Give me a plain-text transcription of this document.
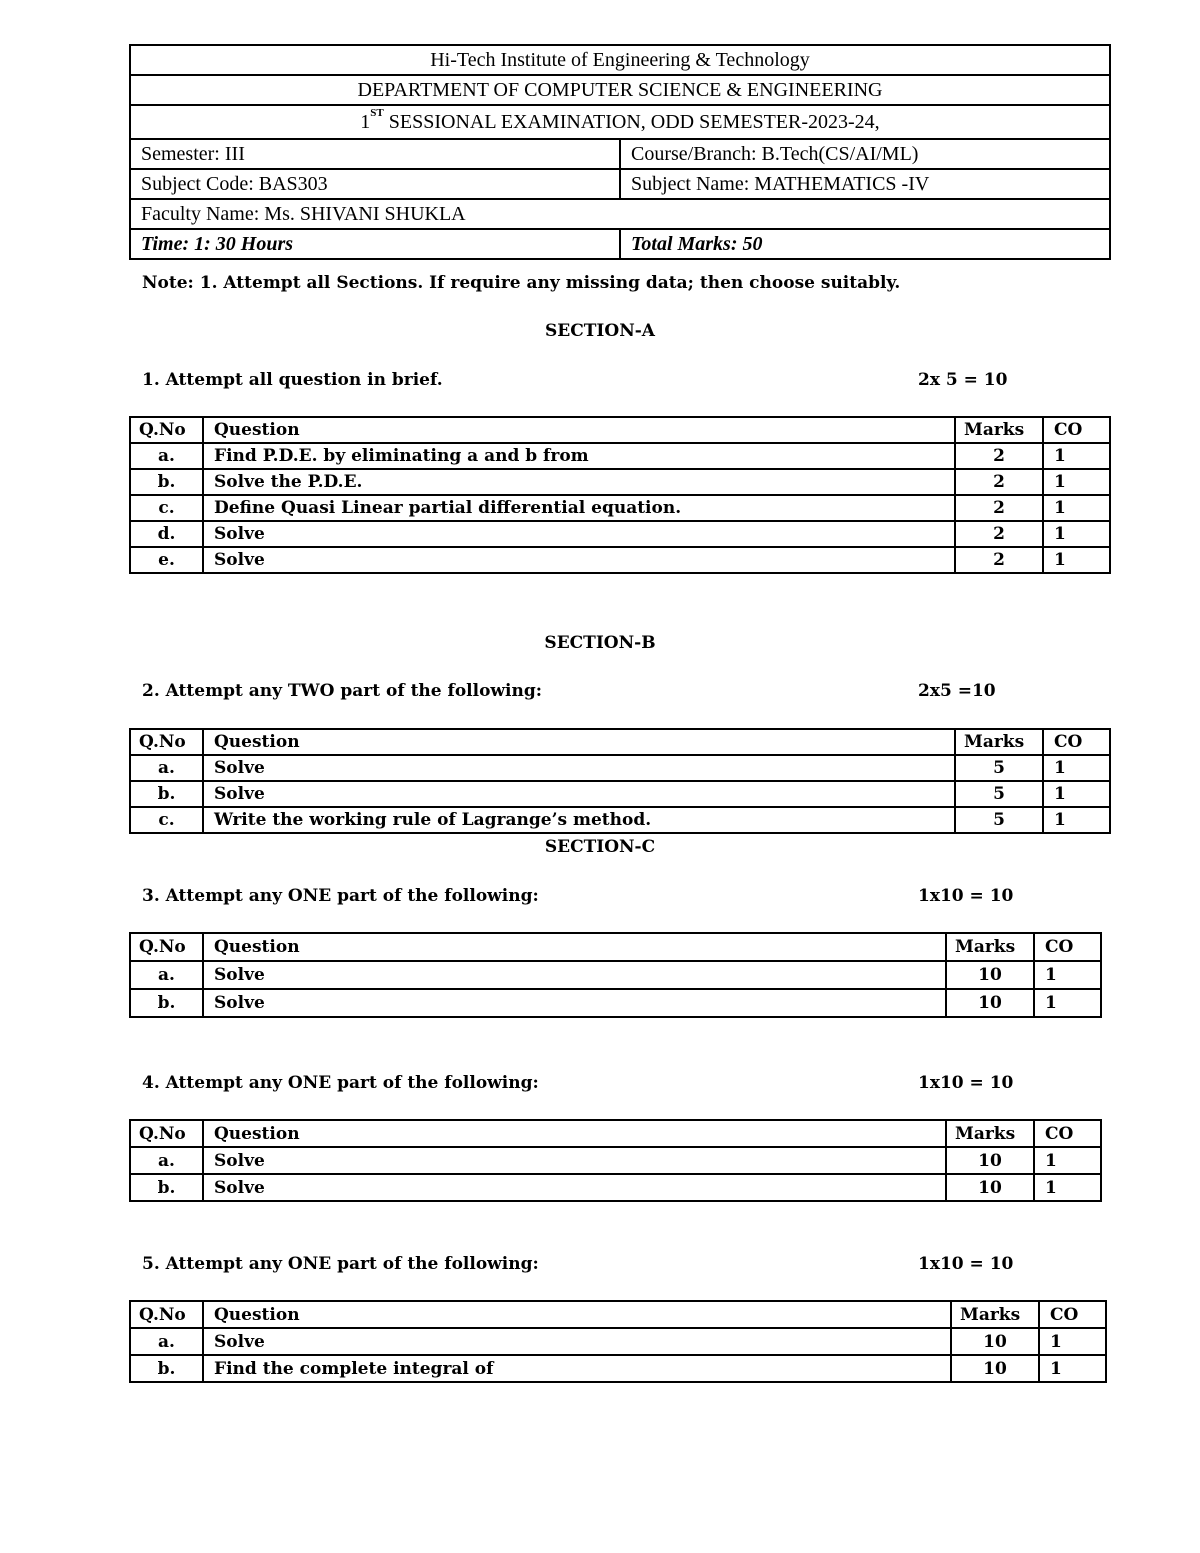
Hi-Tech Institute of Engineering & Technology	
DEPARTMENT OF COMPUTER SCIENCE & ENGINEERING	
1ST SESSIONAL EXAMINATION, ODD SEMESTER-2023-24,	
Semester: III	Course/Branch: B.Tech(CS/AI/ML)
Subject Code: BAS303	Subject Name: MATHEMATICS -IV
Faculty Name: Ms. SHIVANI SHUKLA	
Time: 1: 30 Hours	Total Marks: 50
Note: 1. Attempt all Sections. If require any missing data; then choose suitably.
SECTION-A
1. Attempt all question in brief.	2x 5 = 10
Q.No	Question	Marks	CO
a.	Find P.D.E. by eliminating a and b from	2	1
b.	Solve the P.D.E.	2	1
c.	Define Quasi Linear partial differential equation.	2	1
d.	Solve	2	1
e.	Solve	2	1
SECTION-B
2. Attempt any TWO part of the following:	2x5 =10
Q.No	Question	Marks	CO
a.	Solve	5	1
b.	Solve	5	1
c.	Write the working rule of Lagrange’s method.	5	1
SECTION-C
3. Attempt any ONE part of the following:	1x10 = 10
Q.No	Question	Marks	CO
a.	Solve	10	1
b.	Solve	10	1
4. Attempt any ONE part of the following:	1x10 = 10
Q.No	Question	Marks	CO
a.	Solve	10	1
b.	Solve	10	1
5. Attempt any ONE part of the following:	1x10 = 10
Q.No	Question	Marks	CO
a.	Solve	10	1
b.	Find the complete integral of	10	1
